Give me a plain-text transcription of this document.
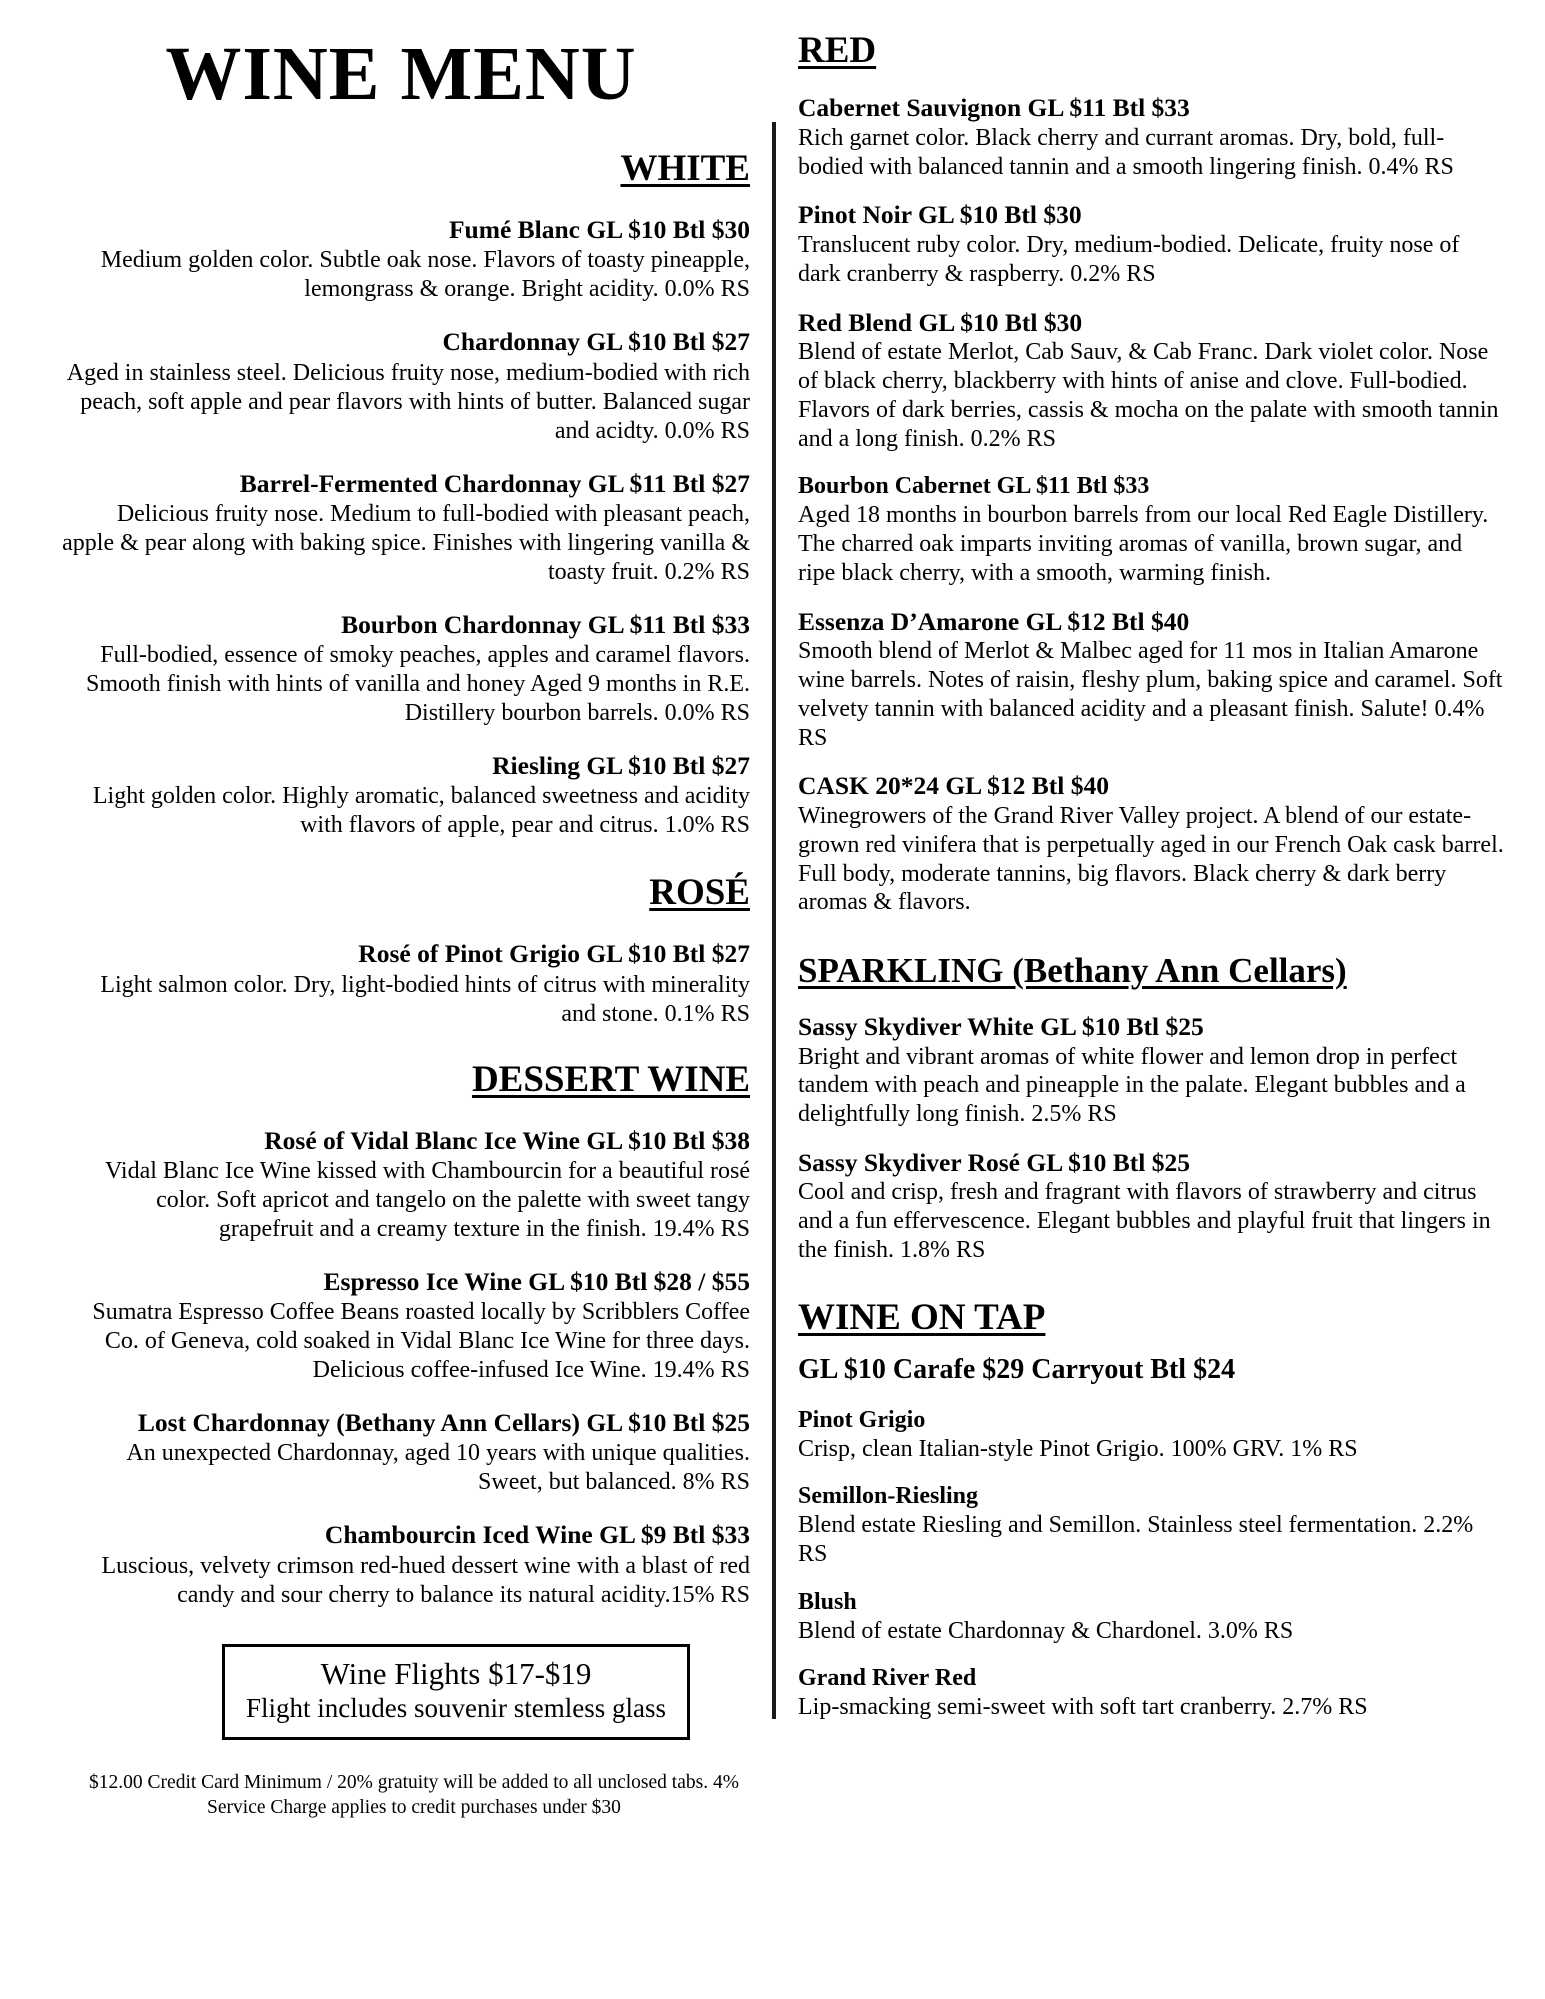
WINE MENU
WHITE
Fumé Blanc GL $10 Btl $30
Medium golden color. Subtle oak nose. Flavors of toasty pineapple, lemongrass & orange. Bright acidity. 0.0% RS
Chardonnay GL $10 Btl $27
Aged in stainless steel. Delicious fruity nose, medium-bodied with rich peach, soft apple and pear flavors with hints of butter. Balanced sugar and acidty. 0.0% RS
Barrel-Fermented Chardonnay GL $11 Btl $27
Delicious fruity nose. Medium to full-bodied with pleasant peach, apple & pear along with baking spice. Finishes with lingering vanilla & toasty fruit. 0.2% RS
Bourbon Chardonnay GL $11 Btl $33
Full-bodied, essence of smoky peaches, apples and caramel flavors. Smooth finish with hints of vanilla and honey Aged 9 months in R.E. Distillery bourbon barrels. 0.0% RS
Riesling GL $10 Btl $27
Light golden color. Highly aromatic, balanced sweetness and acidity with flavors of apple, pear and citrus. 1.0% RS
ROSÉ
Rosé of Pinot Grigio GL $10 Btl $27
Light salmon color. Dry, light-bodied hints of citrus with minerality and stone. 0.1% RS
DESSERT WINE
Rosé of Vidal Blanc Ice Wine GL $10 Btl $38
Vidal Blanc Ice Wine kissed with Chambourcin for a beautiful rosé color. Soft apricot and tangelo on the palette with sweet tangy grapefruit and a creamy texture in the finish. 19.4% RS
Espresso Ice Wine GL $10 Btl $28 / $55
Sumatra Espresso Coffee Beans roasted locally by Scribblers Coffee Co. of Geneva, cold soaked in Vidal Blanc Ice Wine for three days. Delicious coffee-infused Ice Wine. 19.4% RS
Lost Chardonnay (Bethany Ann Cellars) GL $10 Btl $25
An unexpected Chardonnay, aged 10 years with unique qualities. Sweet, but balanced. 8% RS
Chambourcin Iced Wine GL $9 Btl $33
Luscious, velvety crimson red-hued dessert wine with a blast of red candy and sour cherry to balance its natural acidity.15% RS
Wine Flights $17-$19
Flight includes souvenir stemless glass
$12.00 Credit Card Minimum / 20% gratuity will be added to all unclosed tabs. 4% Service Charge applies to credit purchases under $30
RED
Cabernet Sauvignon GL $11 Btl $33
Rich garnet color. Black cherry and currant aromas. Dry, bold, full-bodied with balanced tannin and a smooth lingering finish. 0.4% RS
Pinot Noir GL $10 Btl $30
Translucent ruby color. Dry, medium-bodied. Delicate, fruity nose of dark cranberry & raspberry. 0.2% RS
Red Blend GL $10 Btl $30
Blend of estate Merlot, Cab Sauv, & Cab Franc. Dark violet color. Nose of black cherry, blackberry with hints of anise and clove. Full-bodied. Flavors of dark berries, cassis & mocha on the palate with smooth tannin and a long finish. 0.2% RS
Bourbon Cabernet GL $11 Btl $33
Aged 18 months in bourbon barrels from our local Red Eagle Distillery. The charred oak imparts inviting aromas of vanilla, brown sugar, and ripe black cherry, with a smooth, warming finish.
Essenza D’Amarone GL $12 Btl $40
Smooth blend of Merlot & Malbec aged for 11 mos in Italian Amarone wine barrels. Notes of raisin, fleshy plum, baking spice and caramel. Soft velvety tannin with balanced acidity and a pleasant finish. Salute! 0.4% RS
CASK 20*24 GL $12 Btl $40
Winegrowers of the Grand River Valley project. A blend of our estate-grown red vinifera that is perpetually aged in our French Oak cask barrel. Full body, moderate tannins, big flavors. Black cherry & dark berry aromas & flavors.
SPARKLING (Bethany Ann Cellars)
Sassy Skydiver White GL $10 Btl $25
Bright and vibrant aromas of white flower and lemon drop in perfect tandem with peach and pineapple in the palate. Elegant bubbles and a delightfully long finish. 2.5% RS
Sassy Skydiver Rosé GL $10 Btl $25
Cool and crisp, fresh and fragrant with flavors of strawberry and citrus and a fun effervescence. Elegant bubbles and playful fruit that lingers in the finish. 1.8% RS
WINE ON TAP
GL $10 Carafe $29 Carryout Btl $24
Pinot Grigio
Crisp, clean Italian-style Pinot Grigio. 100% GRV. 1% RS
Semillon-Riesling
Blend estate Riesling and Semillon. Stainless steel fermentation. 2.2% RS
Blush
Blend of estate Chardonnay & Chardonel. 3.0% RS
Grand River Red
Lip-smacking semi-sweet with soft tart cranberry. 2.7% RS
